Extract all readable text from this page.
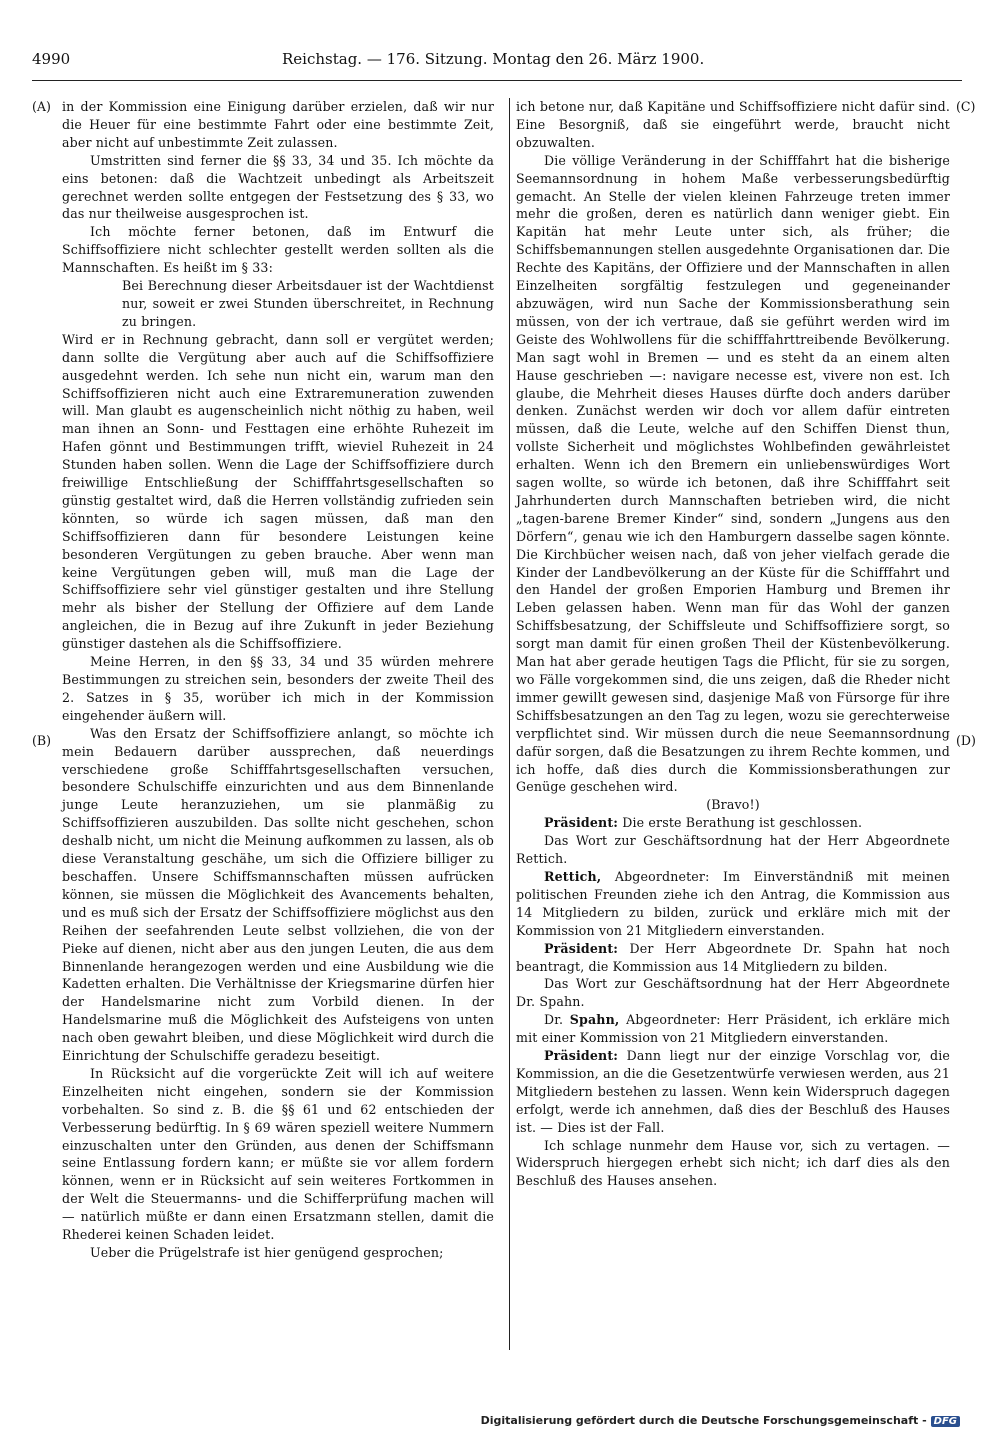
4990	Reichstag. — 176. Sitzung. Montag den 26. März 1900.
(A)
(B)
(C)
(D)

in der Kommission eine Einigung darüber erzielen, daß wir nur die Heuer für eine bestimmte Fahrt oder eine bestimmte Zeit, aber nicht auf unbestimmte Zeit zulassen.

Umstritten sind ferner die §§ 33, 34 und 35. Ich möchte da eins betonen: daß die Wachtzeit unbedingt als Arbeitszeit gerechnet werden sollte entgegen der Festsetzung des § 33, wo das nur theilweise ausgesprochen ist.

Ich möchte ferner betonen, daß im Entwurf die Schiffsoffiziere nicht schlechter gestellt werden sollten als die Mannschaften. Es heißt im § 33:

Bei Berechnung dieser Arbeitsdauer ist der Wachtdienst nur, soweit er zwei Stunden überschreitet, in Rechnung zu bringen.

Wird er in Rechnung gebracht, dann soll er vergütet werden; dann sollte die Vergütung aber auch auf die Schiffsoffiziere ausgedehnt werden. Ich sehe nun nicht ein, warum man den Schiffsoffizieren nicht auch eine Extraremuneration zuwenden will. Man glaubt es augenscheinlich nicht nöthig zu haben, weil man ihnen an Sonn- und Festtagen eine erhöhte Ruhezeit im Hafen gönnt und Bestimmungen trifft, wieviel Ruhezeit in 24 Stunden haben sollen. Wenn die Lage der Schiffsoffiziere durch freiwillige Entschließung der Schifffahrtsgesellschaften so günstig gestaltet wird, daß die Herren vollständig zufrieden sein könnten, so würde ich sagen müssen, daß man den Schiffsoffizieren dann für besondere Leistungen keine besonderen Vergütungen zu geben brauche. Aber wenn man keine Vergütungen geben will, muß man die Lage der Schiffsoffiziere sehr viel günstiger gestalten und ihre Stellung mehr als bisher der Stellung der Offiziere auf dem Lande angleichen, die in Bezug auf ihre Zukunft in jeder Beziehung günstiger dastehen als die Schiffsoffiziere.

Meine Herren, in den §§ 33, 34 und 35 würden mehrere Bestimmungen zu streichen sein, besonders der zweite Theil des 2. Satzes in § 35, worüber ich mich in der Kommission eingehender äußern will.

Was den Ersatz der Schiffsoffiziere anlangt, so möchte ich mein Bedauern darüber aussprechen, daß neuerdings verschiedene große Schifffahrtsgesellschaften versuchen, besondere Schulschiffe einzurichten und aus dem Binnenlande junge Leute heranzuziehen, um sie planmäßig zu Schiffsoffizieren auszubilden. Das sollte nicht geschehen, schon deshalb nicht, um nicht die Meinung aufkommen zu lassen, als ob diese Veranstaltung geschähe, um sich die Offiziere billiger zu beschaffen. Unsere Schiffsmannschaften müssen aufrücken können, sie müssen die Möglichkeit des Avancements behalten, und es muß sich der Ersatz der Schiffsoffiziere möglichst aus den Reihen der seefahrenden Leute selbst vollziehen, die von der Pieke auf dienen, nicht aber aus den jungen Leuten, die aus dem Binnenlande herangezogen werden und eine Ausbildung wie die Kadetten erhalten. Die Verhältnisse der Kriegsmarine dürfen hier der Handelsmarine nicht zum Vorbild dienen. In der Handelsmarine muß die Möglichkeit des Aufsteigens von unten nach oben gewahrt bleiben, und diese Möglichkeit wird durch die Einrichtung der Schulschiffe geradezu beseitigt.

In Rücksicht auf die vorgerückte Zeit will ich auf weitere Einzelheiten nicht eingehen, sondern sie der Kommission vorbehalten. So sind z. B. die §§ 61 und 62 entschieden der Verbesserung bedürftig. In § 69 wären speziell weitere Nummern einzuschalten unter den Gründen, aus denen der Schiffsmann seine Entlassung fordern kann; er müßte sie vor allem fordern können, wenn er in Rücksicht auf sein weiteres Fortkommen in der Welt die Steuermanns- und die Schifferprüfung machen will — natürlich müßte er dann einen Ersatzmann stellen, damit die Rhederei keinen Schaden leidet.

Ueber die Prügelstrafe ist hier genügend gesprochen;

ich betone nur, daß Kapitäne und Schiffsoffiziere nicht dafür sind. Eine Besorgniß, daß sie eingeführt werde, braucht nicht obzuwalten.

Die völlige Veränderung in der Schifffahrt hat die bisherige Seemannsordnung in hohem Maße verbesserungsbedürftig gemacht. An Stelle der vielen kleinen Fahrzeuge treten immer mehr die großen, deren es natürlich dann weniger giebt. Ein Kapitän hat mehr Leute unter sich, als früher; die Schiffsbemannungen stellen ausgedehnte Organisationen dar. Die Rechte des Kapitäns, der Offiziere und der Mannschaften in allen Einzelheiten sorgfältig festzulegen und gegeneinander abzuwägen, wird nun Sache der Kommissionsberathung sein müssen, von der ich vertraue, daß sie geführt werden wird im Geiste des Wohlwollens für die schifffahrttreibende Bevölkerung. Man sagt wohl in Bremen — und es steht da an einem alten Hause geschrieben —: navigare necesse est, vivere non est. Ich glaube, die Mehrheit dieses Hauses dürfte doch anders darüber denken. Zunächst werden wir doch vor allem dafür eintreten müssen, daß die Leute, welche auf den Schiffen Dienst thun, vollste Sicherheit und möglichstes Wohlbefinden gewährleistet erhalten. Wenn ich den Bremern ein unliebenswürdiges Wort sagen wollte, so würde ich betonen, daß ihre Schifffahrt seit Jahrhunderten durch Mannschaften betrieben wird, die nicht „tagen-barene Bremer Kinder“ sind, sondern „Jungens aus den Dörfern“, genau wie ich den Hamburgern dasselbe sagen könnte. Die Kirchbücher weisen nach, daß von jeher vielfach gerade die Kinder der Landbevölkerung an der Küste für die Schifffahrt und den Handel der großen Emporien Hamburg und Bremen ihr Leben gelassen haben. Wenn man für das Wohl der ganzen Schiffsbesatzung, der Schiffsleute und Schiffsoffiziere sorgt, so sorgt man damit für einen großen Theil der Küstenbevölkerung. Man hat aber gerade heutigen Tags die Pflicht, für sie zu sorgen, wo Fälle vorgekommen sind, die uns zeigen, daß die Rheder nicht immer gewillt gewesen sind, dasjenige Maß von Fürsorge für ihre Schiffsbesatzungen an den Tag zu legen, wozu sie gerechterweise verpflichtet sind. Wir müssen durch die neue Seemannsordnung dafür sorgen, daß die Besatzungen zu ihrem Rechte kommen, und ich hoffe, daß dies durch die Kommissionsberathungen zur Genüge geschehen wird.

(Bravo!)

Präsident: Die erste Berathung ist geschlossen.

Das Wort zur Geschäftsordnung hat der Herr Abgeordnete Rettich.

Rettich, Abgeordneter: Im Einverständniß mit meinen politischen Freunden ziehe ich den Antrag, die Kommission aus 14 Mitgliedern zu bilden, zurück und erkläre mich mit der Kommission von 21 Mitgliedern einverstanden.

Präsident: Der Herr Abgeordnete Dr. Spahn hat noch beantragt, die Kommission aus 14 Mitgliedern zu bilden.

Das Wort zur Geschäftsordnung hat der Herr Abgeordnete Dr. Spahn.

Dr. Spahn, Abgeordneter: Herr Präsident, ich erkläre mich mit einer Kommission von 21 Mitgliedern einverstanden.

Präsident: Dann liegt nur der einzige Vorschlag vor, die Kommission, an die die Gesetzentwürfe verwiesen werden, aus 21 Mitgliedern bestehen zu lassen. Wenn kein Widerspruch dagegen erfolgt, werde ich annehmen, daß dies der Beschluß des Hauses ist. — Dies ist der Fall.

Ich schlage nunmehr dem Hause vor, sich zu vertagen. — Widerspruch hiergegen erhebt sich nicht; ich darf dies als den Beschluß des Hauses ansehen.

Digitalisierung gefördert durch die Deutsche Forschungsgemeinschaft - DFG
